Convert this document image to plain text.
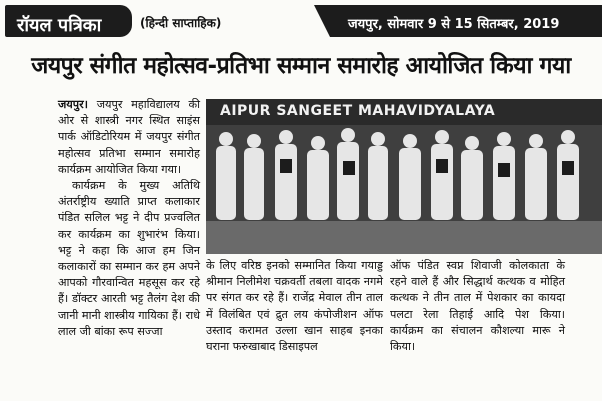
रॉयल पत्रिका	(हिन्दी साप्ताहिक)	जयपुर, सोमवार 9 से 15 सितम्बर, 2019
जयपुर संगीत महोत्सव-प्रतिभा सम्मान समारोह आयोजित किया गया

जयपुर। जयपुर महाविद्यालय की ओर से शास्त्री नगर स्थित साइंस पार्क ऑडिटोरियम में जयपुर संगीत महोत्सव प्रतिभा सम्मान समारोह कार्यक्रम आयोजित किया गया।

कार्यक्रम के मुख्य अतिथि अंतर्राष्ट्रीय ख्याति प्राप्त कलाकार पंडित सलिल भट्ट ने दीप प्रज्वलित कर कार्यक्रम का शुभारंभ किया। भट्ट ने कहा कि आज हम जिन कलाकारों का सम्मान कर हम अपने आपको गौरवान्वित महसूस कर रहे हैं। डॉक्टर आरती भट्ट तैलंग देश की जानी मानी शास्त्रीय गायिका हैं। राधे लाल जी बांका रूप सज्जा

AIPUR SANGEET MAHAVIDYALAYA

के लिए वरिष्ठ इनको सम्मानित किया गयाड्ड श्रीमान निलीमेश चक्रवर्ती तबला वादक नगमे पर संगत कर रहे हैं। राजेंद्र मेवाल तीन ताल में विलंबित एवं द्रुत लय कंपोजीशन ऑफ उस्ताद करामत उल्ला खान साहब इनका घराना फरुखाबाद डिसाइपल

ऑफ पंडित स्वप्न शिवाजी कोलकाता के रहने वाले हैं और सिद्धार्थ कत्थक व मोहित कत्थक ने तीन ताल में पेशकार का कायदा पलटा रेला तिहाई आदि पेश किया। कार्यक्रम का संचालन कौशल्या मारू ने किया।
